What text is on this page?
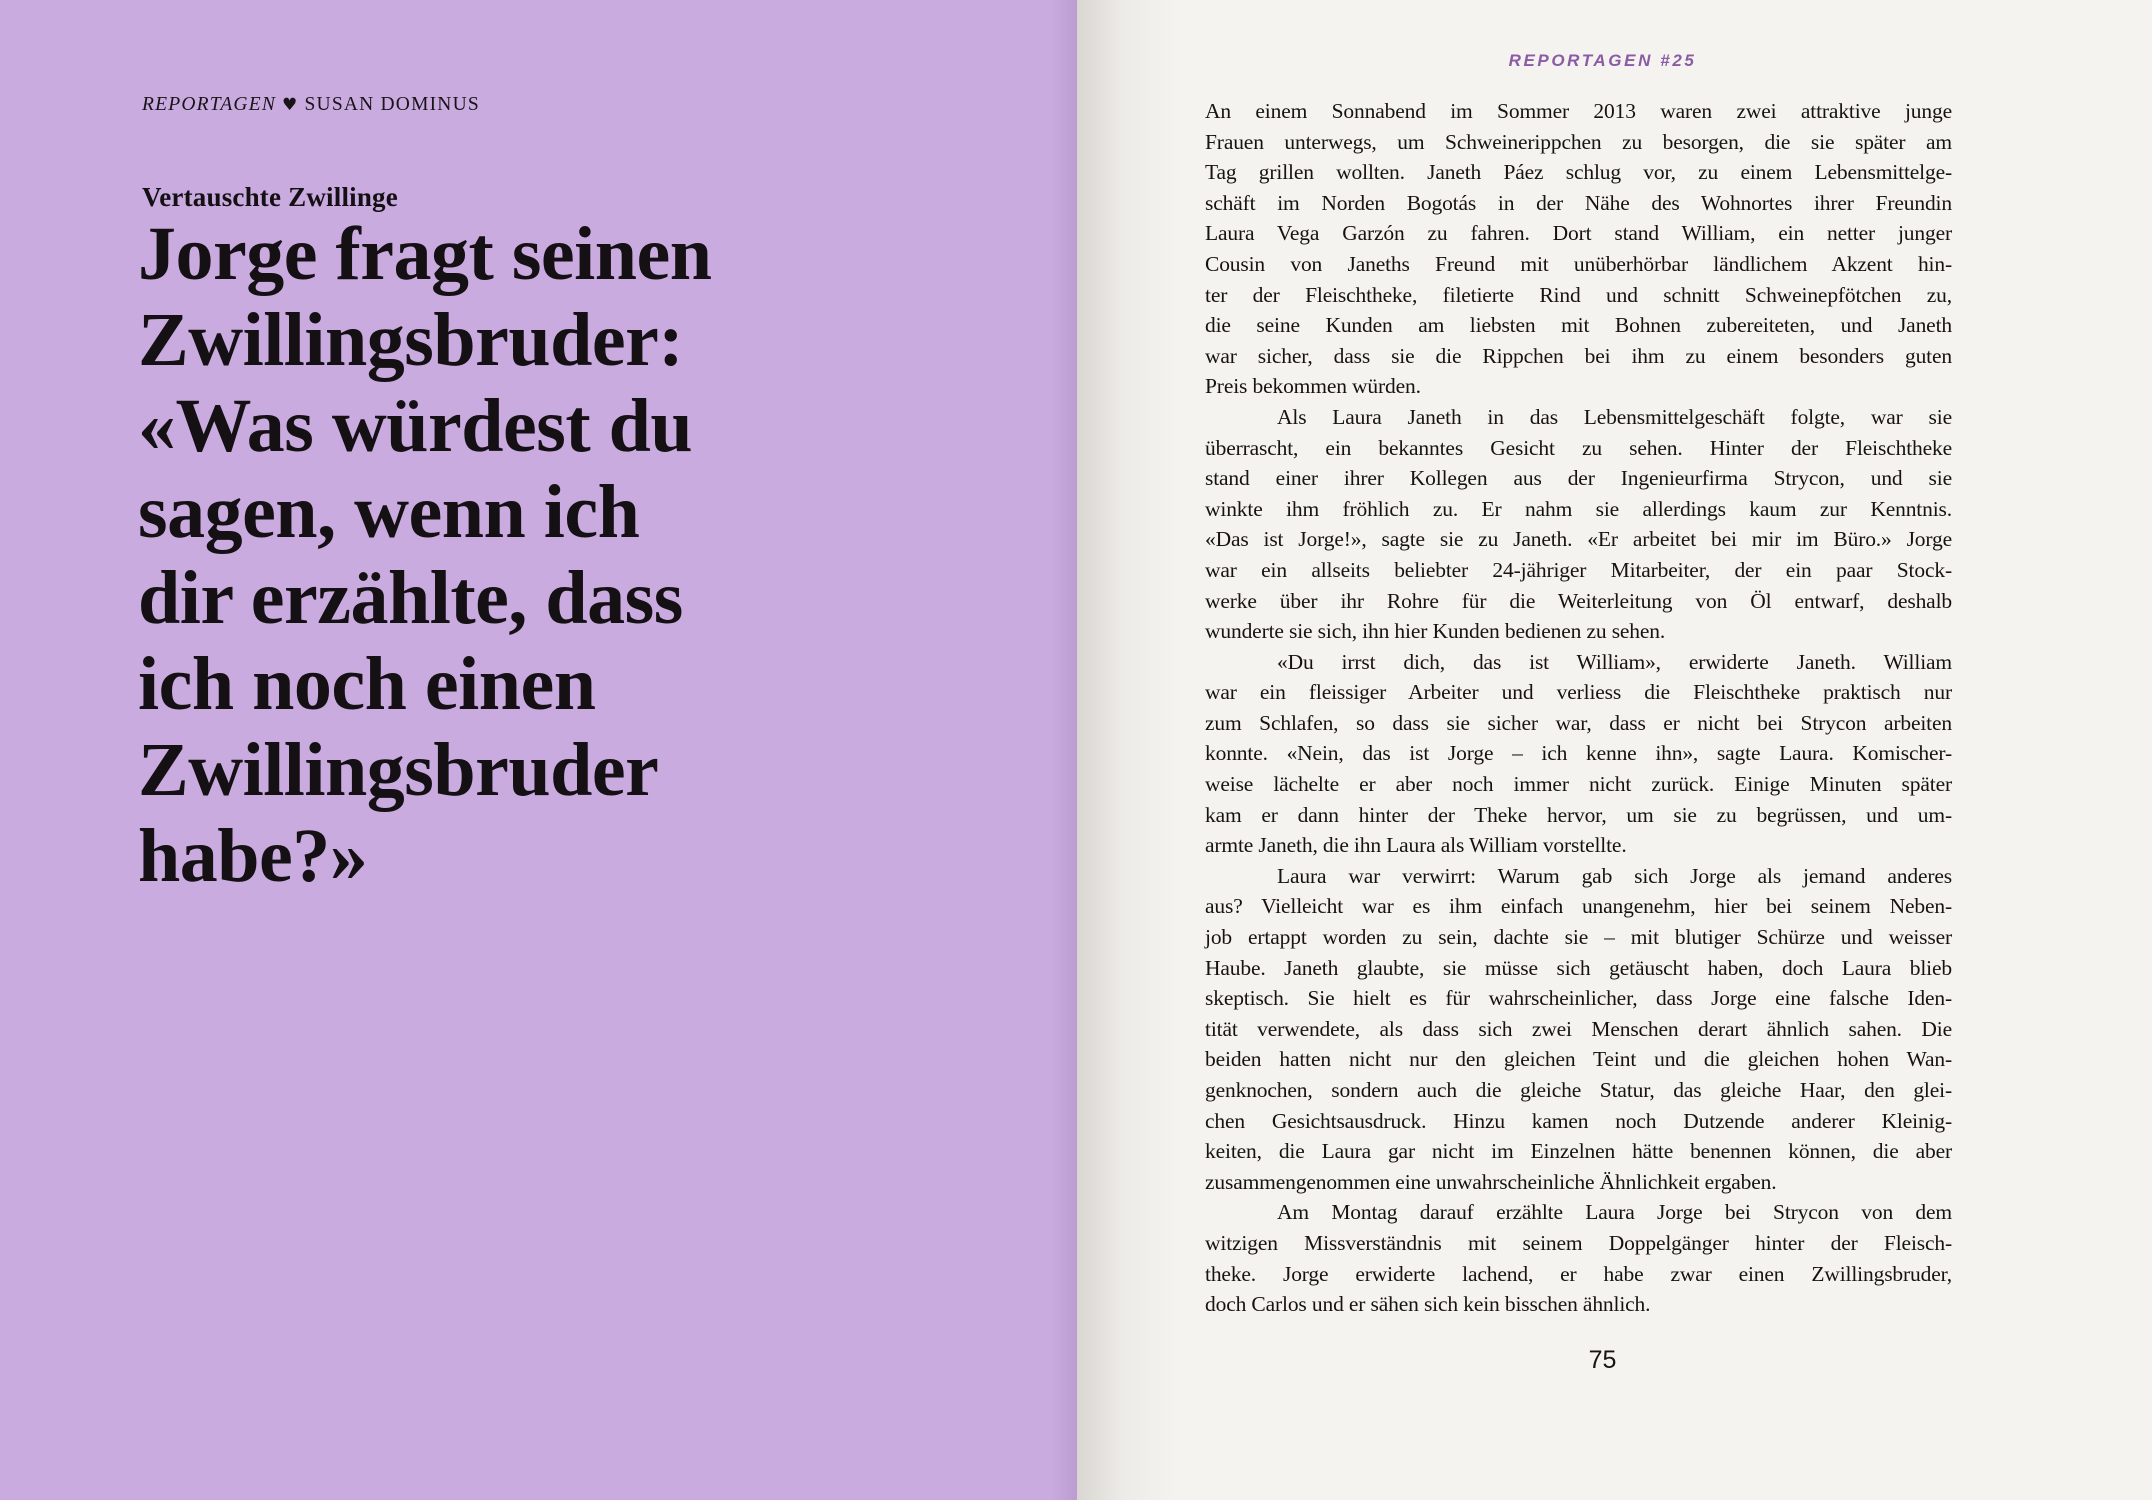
REPORTAGEN ♥ SUSAN DOMINUS
Vertauschte Zwillinge
Jorge fragt seinen
Zwillingsbruder:
«Was würdest du
sagen, wenn ich
dir erzählte, dass
ich noch einen
Zwillingsbruder
habe?»
REPORTAGEN #25
An einem Sonnabend im Sommer 2013 waren zwei attraktive junge
Frauen unterwegs, um Schweinerippchen zu besorgen, die sie später am
Tag grillen wollten. Janeth Páez schlug vor, zu einem Lebensmittelge-
schäft im Norden Bogotás in der Nähe des Wohnortes ihrer Freundin
Laura Vega Garzón zu fahren. Dort stand William, ein netter junger
Cousin von Janeths Freund mit unüberhörbar ländlichem Akzent hin-
ter der Fleischtheke, filetierte Rind und schnitt Schweinepfötchen zu,
die seine Kunden am liebsten mit Bohnen zubereiteten, und Janeth
war sicher, dass sie die Rippchen bei ihm zu einem besonders guten
Preis bekommen würden.
Als Laura Janeth in das Lebensmittelgeschäft folgte, war sie
überrascht, ein bekanntes Gesicht zu sehen. Hinter der Fleischtheke
stand einer ihrer Kollegen aus der Ingenieurfirma Strycon, und sie
winkte ihm fröhlich zu. Er nahm sie allerdings kaum zur Kenntnis.
«Das ist Jorge!», sagte sie zu Janeth. «Er arbeitet bei mir im Büro.» Jorge
war ein allseits beliebter 24-jähriger Mitarbeiter, der ein paar Stock-
werke über ihr Rohre für die Weiterleitung von Öl entwarf, deshalb
wunderte sie sich, ihn hier Kunden bedienen zu sehen.
«Du irrst dich, das ist William», erwiderte Janeth. William
war ein fleissiger Arbeiter und verliess die Fleischtheke praktisch nur
zum Schlafen, so dass sie sicher war, dass er nicht bei Strycon arbeiten
konnte. «Nein, das ist Jorge – ich kenne ihn», sagte Laura. Komischer-
weise lächelte er aber noch immer nicht zurück. Einige Minuten später
kam er dann hinter der Theke hervor, um sie zu begrüssen, und um-
armte Janeth, die ihn Laura als William vorstellte.
Laura war verwirrt: Warum gab sich Jorge als jemand anderes
aus? Vielleicht war es ihm einfach unangenehm, hier bei seinem Neben-
job ertappt worden zu sein, dachte sie – mit blutiger Schürze und weisser
Haube. Janeth glaubte, sie müsse sich getäuscht haben, doch Laura blieb
skeptisch. Sie hielt es für wahrscheinlicher, dass Jorge eine falsche Iden-
tität verwendete, als dass sich zwei Menschen derart ähnlich sahen. Die
beiden hatten nicht nur den gleichen Teint und die gleichen hohen Wan-
genknochen, sondern auch die gleiche Statur, das gleiche Haar, den glei-
chen Gesichtsausdruck. Hinzu kamen noch Dutzende anderer Kleinig-
keiten, die Laura gar nicht im Einzelnen hätte benennen können, die aber
zusammengenommen eine unwahrscheinliche Ähnlichkeit ergaben.
Am Montag darauf erzählte Laura Jorge bei Strycon von dem
witzigen Missverständnis mit seinem Doppelgänger hinter der Fleisch-
theke. Jorge erwiderte lachend, er habe zwar einen Zwillingsbruder,
doch Carlos und er sähen sich kein bisschen ähnlich.
75
